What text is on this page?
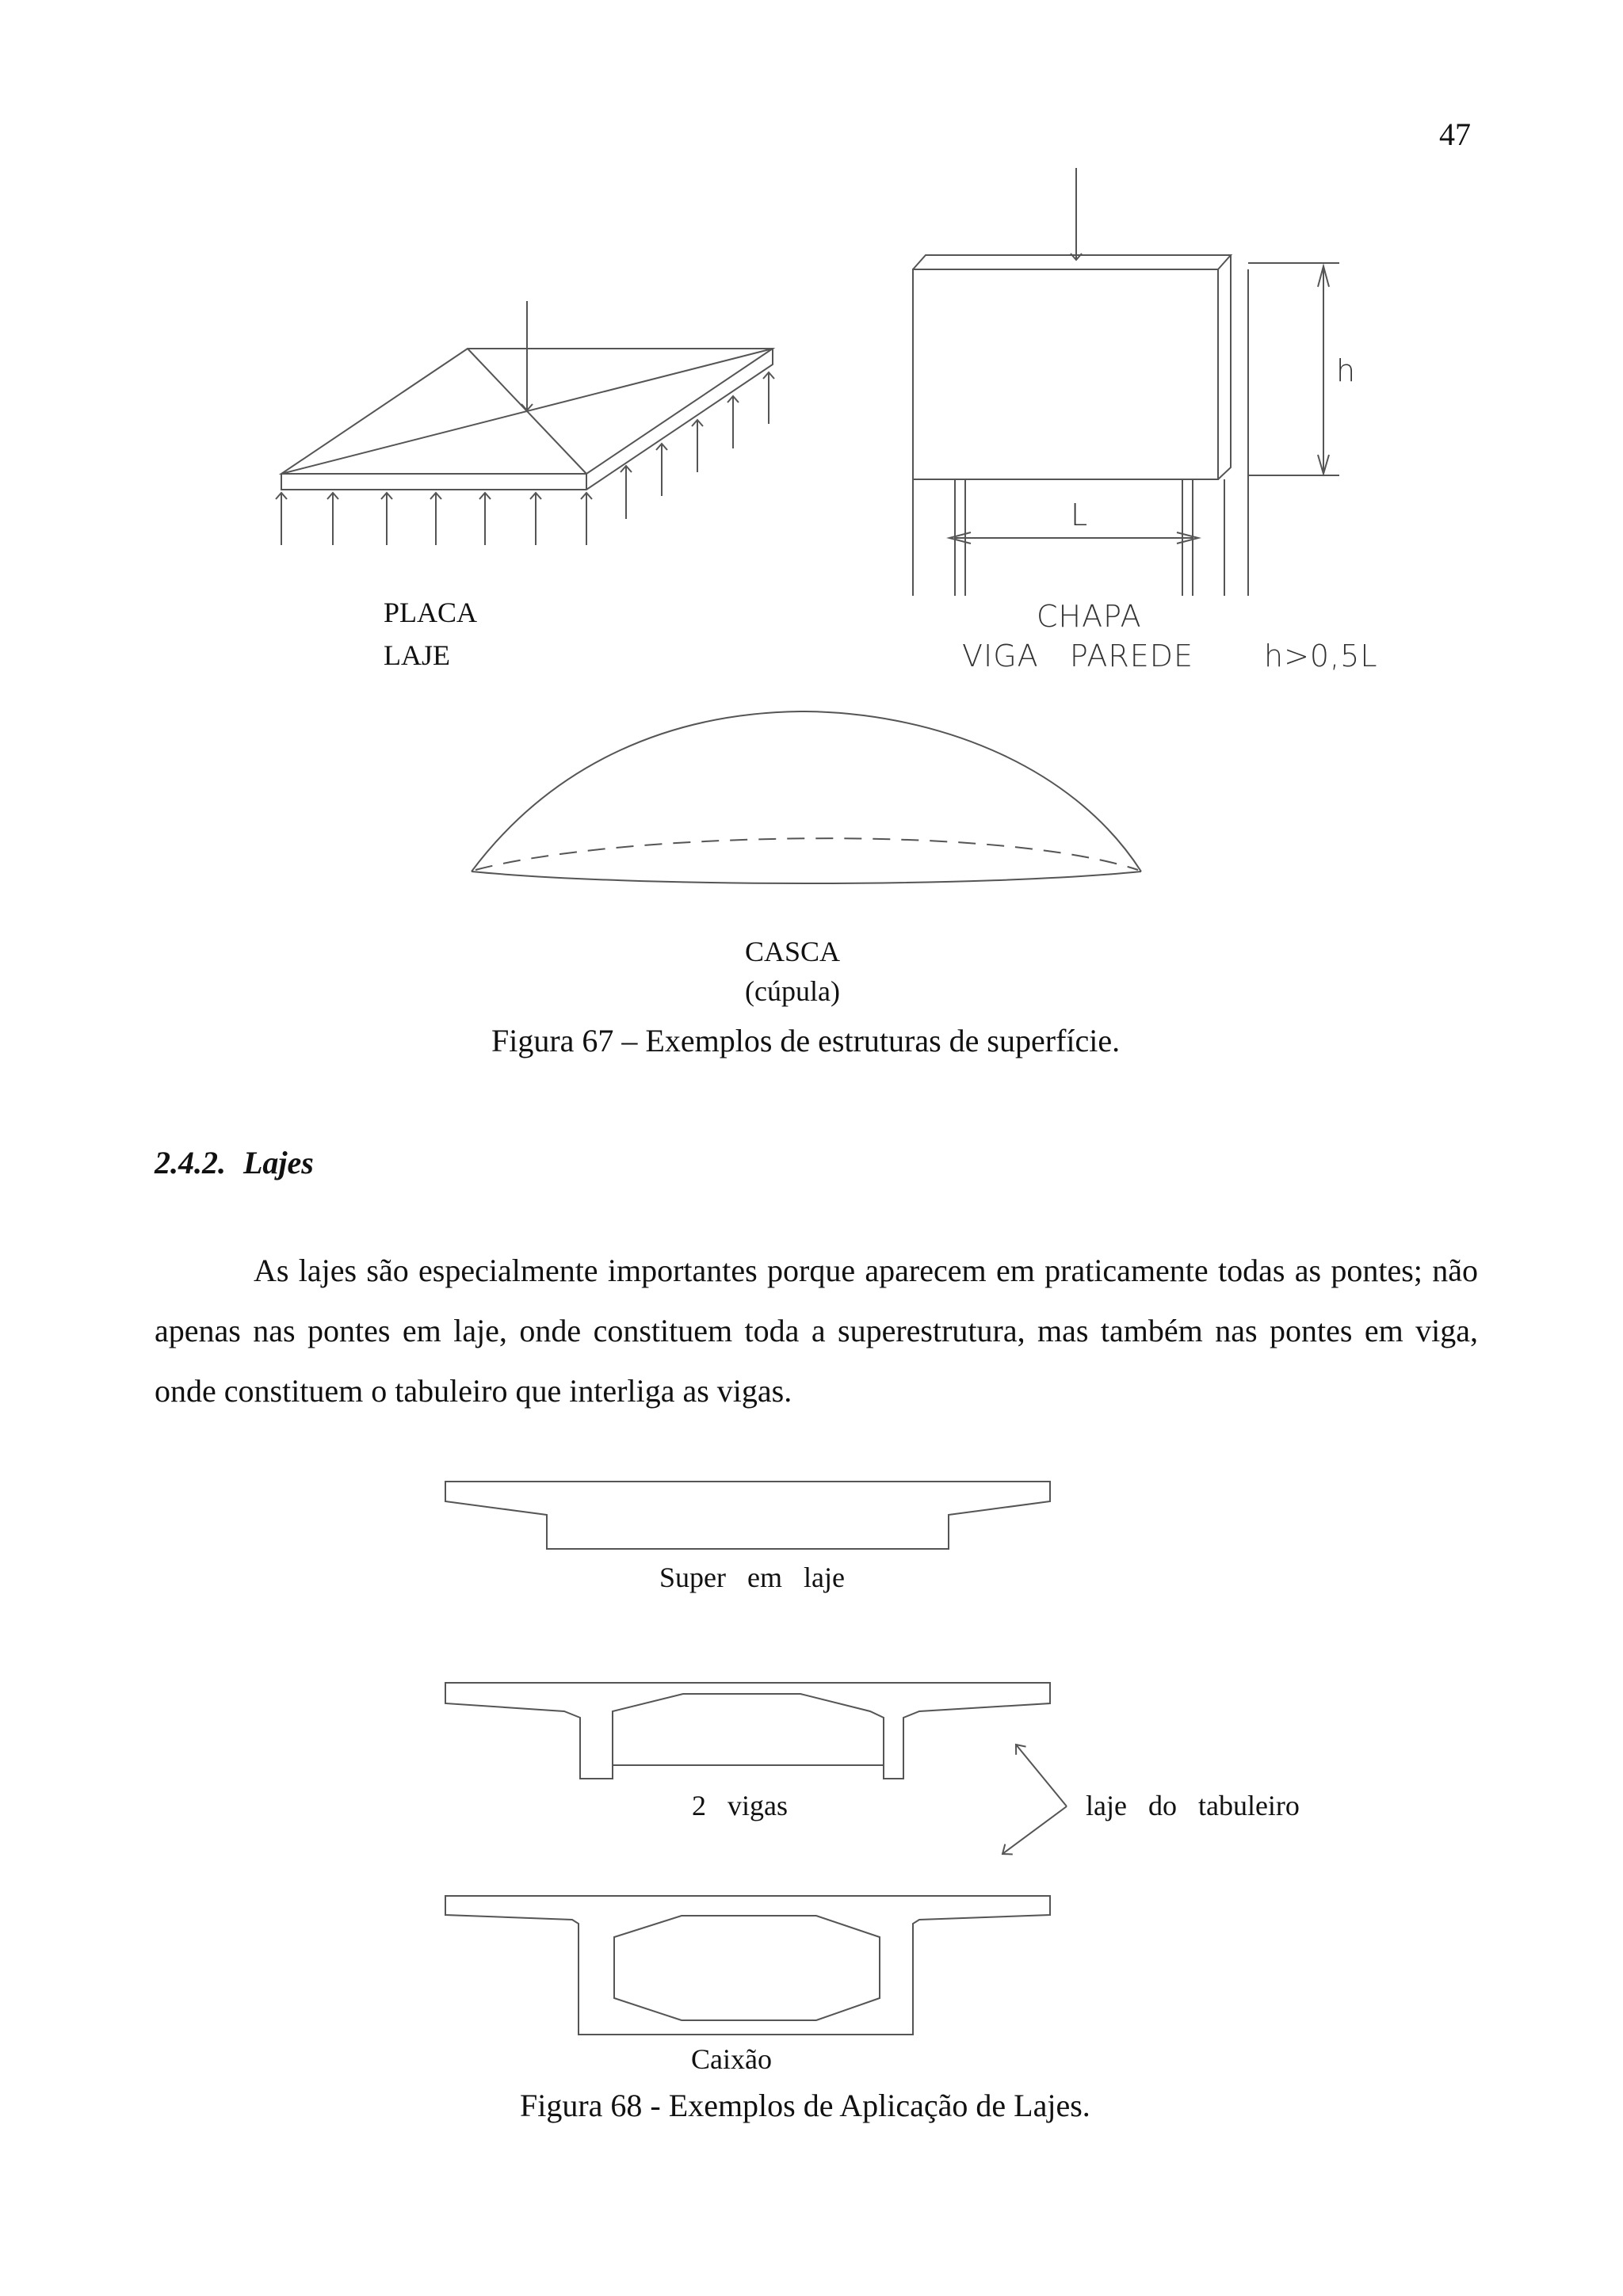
47
PLACA
LAJE
CHAPA
VIGA   PAREDE h>0,5L
h
L
CASCA
(cúpula)
Figura 67 – Exemplos de estruturas de superfície.
2.4.2. Lajes

As lajes são especialmente importantes porque aparecem em praticamente todas as pontes; não apenas nas pontes em laje, onde constituem toda a superestrutura, mas também nas pontes em viga, onde constituem o tabuleiro que interliga as vigas.

Super   em   laje
2   vigas	laje   do   tabuleiro
Caixão
Figura 68 - Exemplos de Aplicação de Lajes.
